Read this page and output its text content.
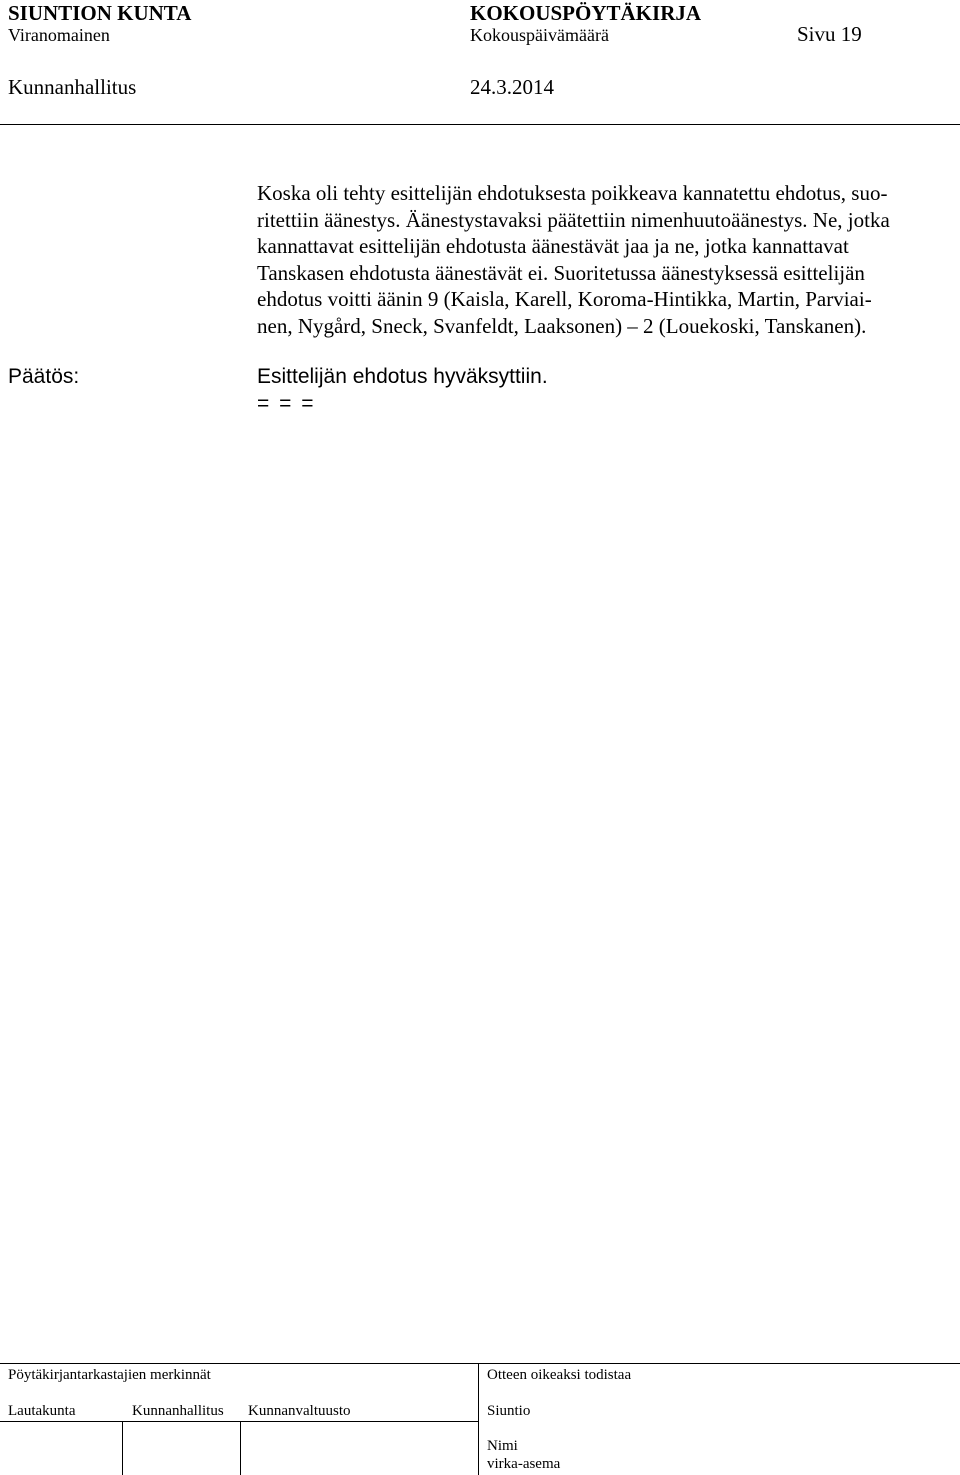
SIUNTION KUNTA	KOKOUSPÖYTÄKIRJA
Viranomainen	Kokouspäivämäärä	Sivu 19
Kunnanhallitus	24.3.2014
Koska oli tehty esittelijän ehdotuksesta poikkeava kannatettu ehdotus, suo-
ritettiin äänestys. Äänestystavaksi päätettiin nimenhuutoäänestys. Ne, jotka
kannattavat esittelijän ehdotusta äänestävät jaa ja ne, jotka kannattavat
Tanskasen ehdotusta äänestävät ei. Suoritetussa äänestyksessä esittelijän
ehdotus voitti äänin 9 (Kaisla, Karell, Koroma-Hintikka, Martin, Parviai-
nen, Nygård, Sneck, Svanfeldt, Laaksonen) – 2 (Louekoski, Tanskanen).
Päätös:	Esittelijän ehdotus hyväksyttiin.
= = =
Pöytäkirjantarkastajien merkinnät	Otteen oikeaksi todistaa
Lautakunta	Kunnanhallitus Kunnanvaltuusto	Siuntio
Nimi
virka-asema
